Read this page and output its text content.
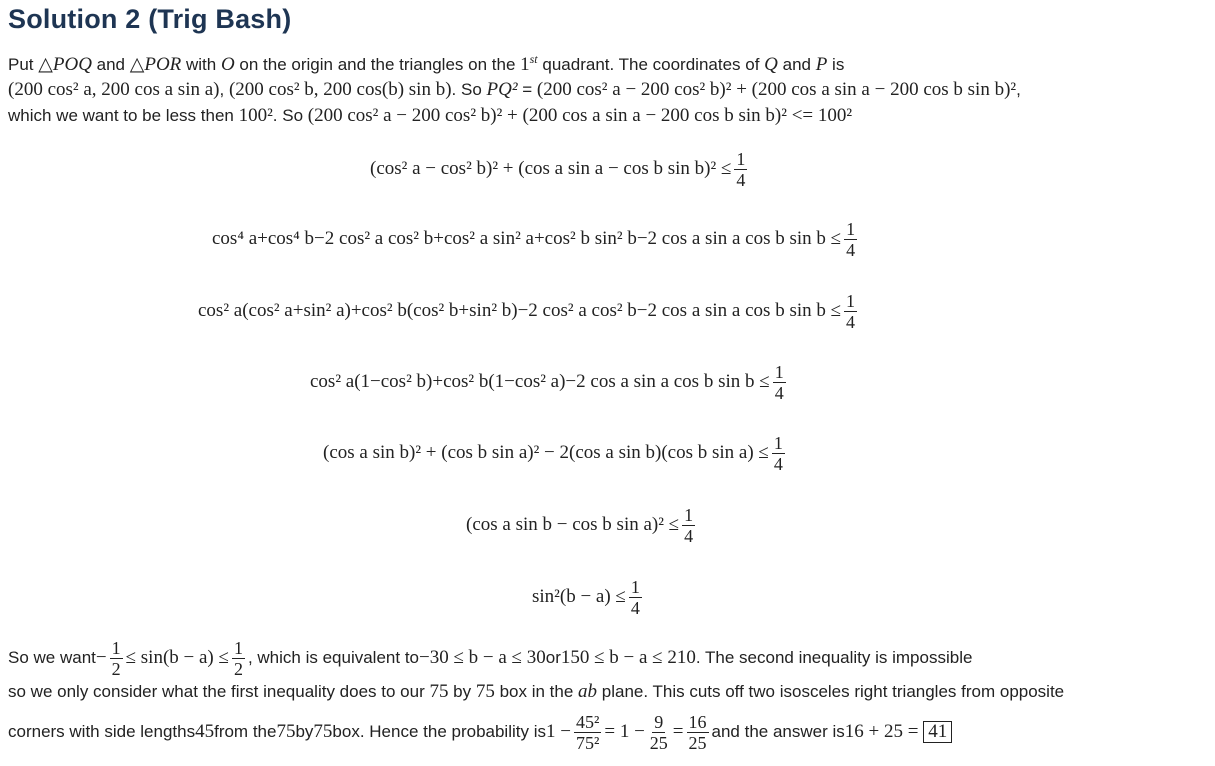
Solution 2 (Trig Bash)
Put △POQ and △POR with O on the origin and the triangles on the 1st quadrant. The coordinates of Q and P is
(200 cos² a, 200 cos a sin a), (200 cos² b, 200 cos(b) sin b). So PQ² = (200 cos² a − 200 cos² b)² + (200 cos a sin a − 200 cos b sin b)²,
which we want to be less then 100². So (200 cos² a − 200 cos² b)² + (200 cos a sin a − 200 cos b sin b)² <= 100²
(cos² a − cos² b)² + (cos a sin a − cos b $\sin b)^2 \le \frac{1}{4}$
cos⁴ a+cos⁴ b−2 cos² a cos² b+cos² a sin² a+cos² b sin² b−2 cos a sin a cos b $\sin b \le \frac{1}{4}$
cos² a(cos² a+sin² a)+cos² b(cos² b+sin² b)−2 cos² a cos² b−2 cos a sin a cos b $\sin b \le \frac{1}{4}$
cos² a(1−cos² b)+cos² b(1−cos² a)−2 cos a sin a cos b $\sin b \le \frac{1}{4}$
(cos a sin b)² + (cos b sin a)² − 2(cos a sin b)(cos b $\sin a) \le \frac{1}{4}$
(cos a sin b − cos b $\sin a)^2 \le \frac{1}{4}$
$\sin^2(b - a) \le \frac{1}{4}$
So we want − $\frac{1}{2} \le \sin(b - a) \le \frac{1}{2}$ , which is equivalent to −30 ≤ b − a ≤ 30 or 150 ≤ b − a ≤ 210 . The second inequality is impossible
so we only consider what the first inequality does to our 75 by 75 box in the ab plane. This cuts off two isosceles right triangles from opposite
corners with side lengths 45 from the 75 by 75 box. Hence the probability is $1 - \frac{\text{45²}}{\text{75²}} = 1 - \frac{9}{25} = \frac{16}{25}$ and the answer is 16 + 25 =
41
